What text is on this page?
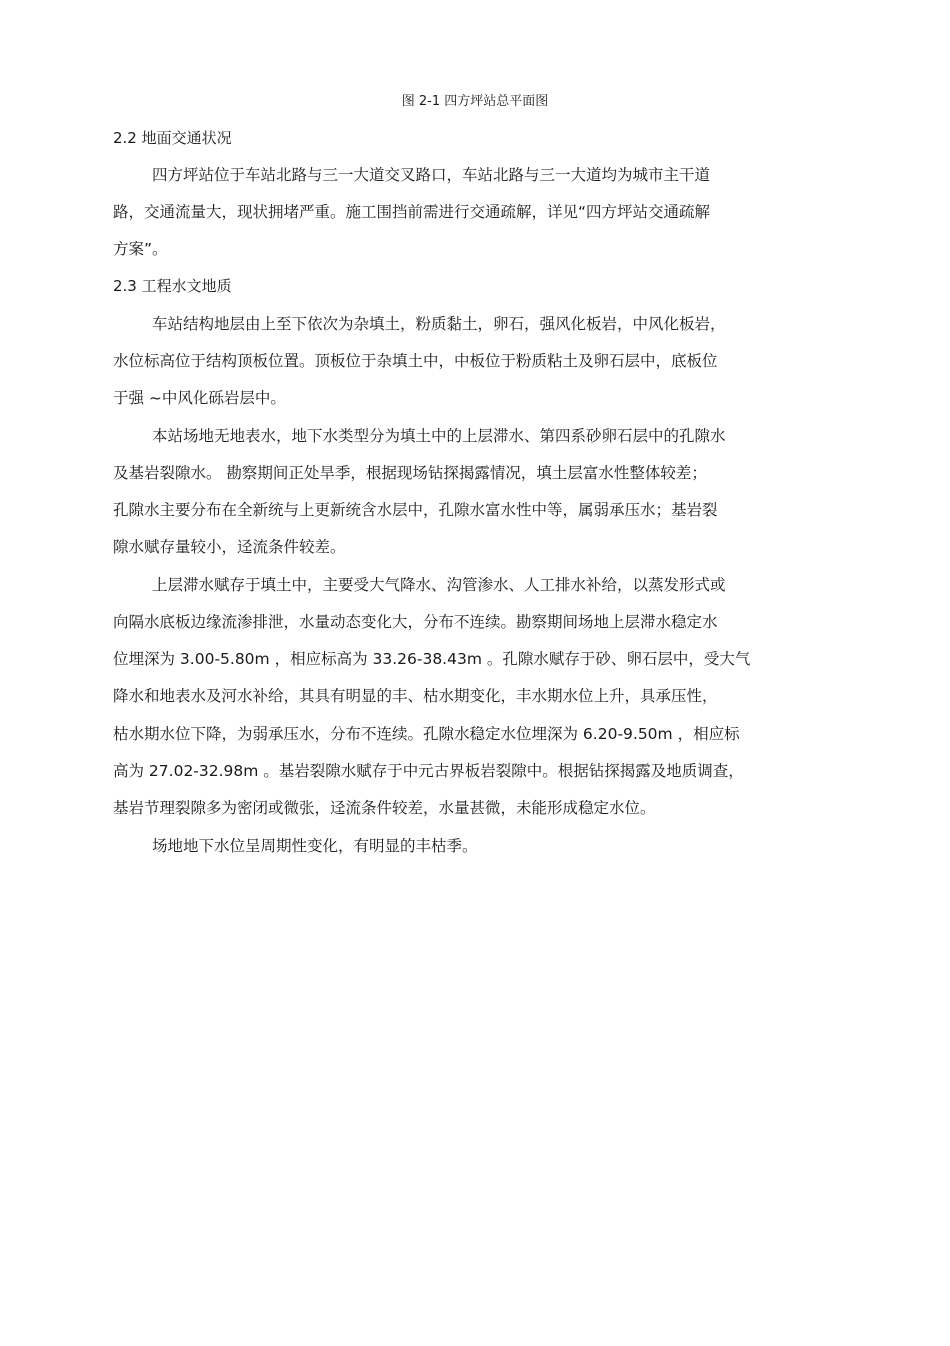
图 2-1 四方坪站总平面图
2.2 地面交通状况
四方坪站位于车站北路与三一大道交叉路口，车站北路与三一大道均为城市主干道
路，交通流量大，现状拥堵严重。施工围挡前需进行交通疏解，详见“四方坪站交通疏解
方案”。
2.3 工程水文地质
车站结构地层由上至下依次为杂填土，粉质黏土，卵石，强风化板岩，中风化板岩，
水位标高位于结构顶板位置。顶板位于杂填土中，中板位于粉质粘土及卵石层中，底板位
于强 ~中风化砾岩层中。
本站场地无地表水，地下水类型分为填土中的上层滞水、第四系砂卵石层中的孔隙水
及基岩裂隙水。 勘察期间正处旱季，根据现场钻探揭露情况，填土层富水性整体较差；
孔隙水主要分布在全新统与上更新统含水层中，孔隙水富水性中等，属弱承压水；基岩裂
隙水赋存量较小，迳流条件较差。
上层滞水赋存于填土中，主要受大气降水、沟管渗水、人工排水补给，以蒸发形式或
向隔水底板边缘流渗排泄，水量动态变化大，分布不连续。勘察期间场地上层滞水稳定水
位埋深为 3.00-5.80m ，相应标高为 33.26-38.43m 。孔隙水赋存于砂、卵石层中，受大气
降水和地表水及河水补给，其具有明显的丰、枯水期变化，丰水期水位上升，具承压性，
枯水期水位下降，为弱承压水，分布不连续。孔隙水稳定水位埋深为 6.20-9.50m ，相应标
高为 27.02-32.98m 。基岩裂隙水赋存于中元古界板岩裂隙中。根据钻探揭露及地质调查，
基岩节理裂隙多为密闭或微张，迳流条件较差，水量甚微，未能形成稳定水位。
场地地下水位呈周期性变化，有明显的丰枯季。
